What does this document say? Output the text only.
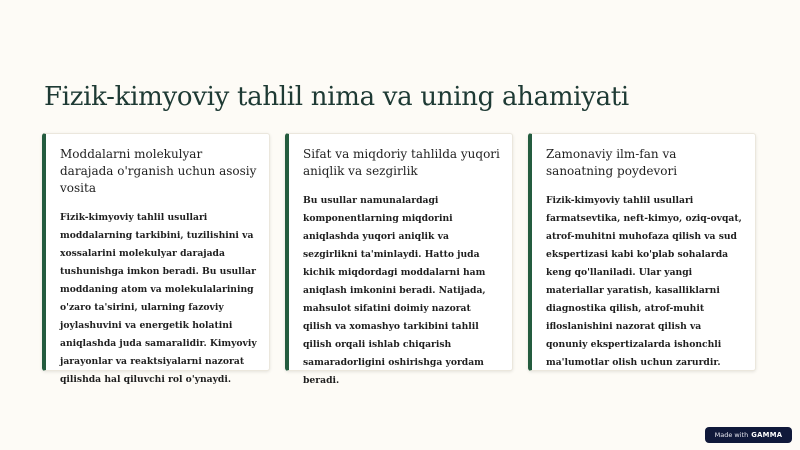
Fizik-kimyoviy tahlil nima va uning ahamiyati
Moddalarni molekulyar darajada o'rganish uchun asosiy vosita

Fizik-kimyoviy tahlil usullari moddalarning tarkibini, tuzilishini va xossalarini molekulyar darajada tushunishga imkon beradi. Bu usullar moddaning atom va molekulalarining o'zaro ta'sirini, ularning fazoviy joylashuvini va energetik holatini aniqlashda juda samaralidir. Kimyoviy jarayonlar va reaktsiyalarni nazorat qilishda hal qiluvchi rol o'ynaydi.

Sifat va miqdoriy tahlilda yuqori aniqlik va sezgirlik

Bu usullar namunalardagi komponentlarning miqdorini aniqlashda yuqori aniqlik va sezgirlikni ta'minlaydi. Hatto juda kichik miqdordagi moddalarni ham aniqlash imkonini beradi. Natijada, mahsulot sifatini doimiy nazorat qilish va xomashyo tarkibini tahlil qilish orqali ishlab chiqarish samaradorligini oshirishga yordam beradi.

Zamonaviy ilm-fan va sanoatning poydevori

Fizik-kimyoviy tahlil usullari farmatsevtika, neft-kimyo, oziq-ovqat, atrof-muhitni muhofaza qilish va sud ekspertizasi kabi ko'plab sohalarda keng qo'llaniladi. Ular yangi materiallar yaratish, kasalliklarni diagnostika qilish, atrof-muhit ifloslanishini nazorat qilish va qonuniy ekspertizalarda ishonchli ma'lumotlar olish uchun zarurdir.

Made with GAMMA
